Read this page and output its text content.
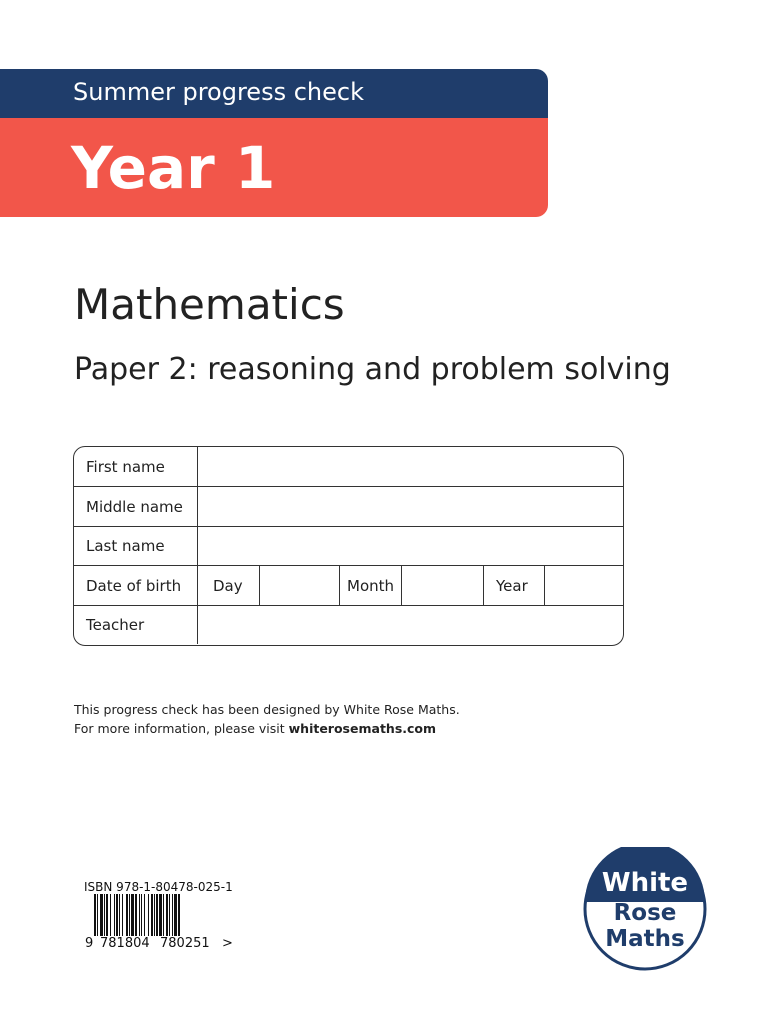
Summer progress check
Year 1
Mathematics
Paper 2: reasoning and problem solving
First name
Middle name
Last name
Date of birth Day	Month	Year
Teacher
This progress check has been designed by White Rose Maths.
For more information, please visit whiterosemaths.com
ISBN 978-1-80478-025-1
9 781804 780251 >
White
Rose
Maths
